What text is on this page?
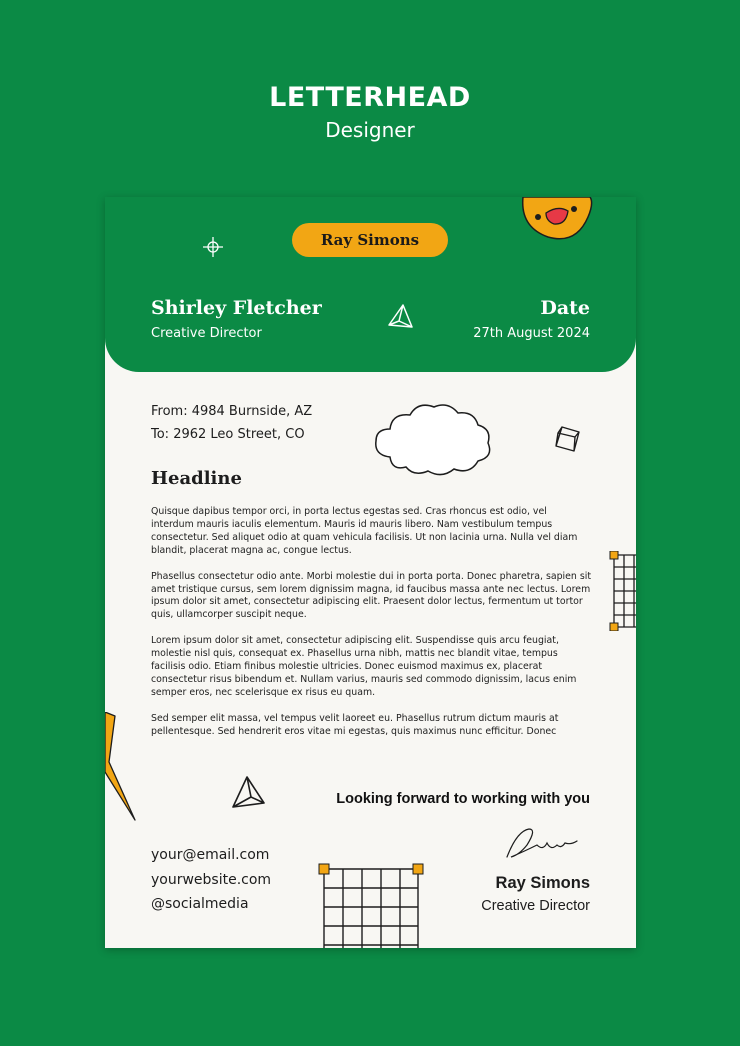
LETTERHEAD
Designer
Ray Simons
Shirley Fletcher
Creative Director
Date
27th August 2024
From: 4984 Burnside, AZ
To: 2962 Leo Street, CO
Headline

Quisque dapibus tempor orci, in porta lectus egestas sed. Cras rhoncus est odio, vel interdum mauris iaculis elementum. Mauris id mauris libero. Nam vestibulum tempus consectetur. Sed aliquet odio at quam vehicula facilisis. Ut non lacinia urna. Nulla vel diam blandit, placerat magna ac, congue lectus.

Phasellus consectetur odio ante. Morbi molestie dui in porta porta. Donec pharetra, sapien sit amet tristique cursus, sem lorem dignissim magna, id faucibus massa ante nec lectus. Lorem ipsum dolor sit amet, consectetur adipiscing elit. Praesent dolor lectus, fermentum ut tortor quis, ullamcorper suscipit neque.

Lorem ipsum dolor sit amet, consectetur adipiscing elit. Suspendisse quis arcu feugiat, molestie nisl quis, consequat ex. Phasellus urna nibh, mattis nec blandit vitae, tempus facilisis odio. Etiam finibus molestie ultricies. Donec euismod maximus ex, placerat consectetur risus bibendum et. Nullam varius, mauris sed commodo dignissim, lacus enim semper eros, nec scelerisque ex risus eu quam.

Sed semper elit massa, vel tempus velit laoreet eu. Phasellus rutrum dictum mauris at pellentesque. Sed hendrerit eros vitae mi egestas, quis maximus nunc efficitur. Donec

Looking forward to working with you
your@email.com
yourwebsite.com
@socialmedia
Ray Simons
Creative Director
